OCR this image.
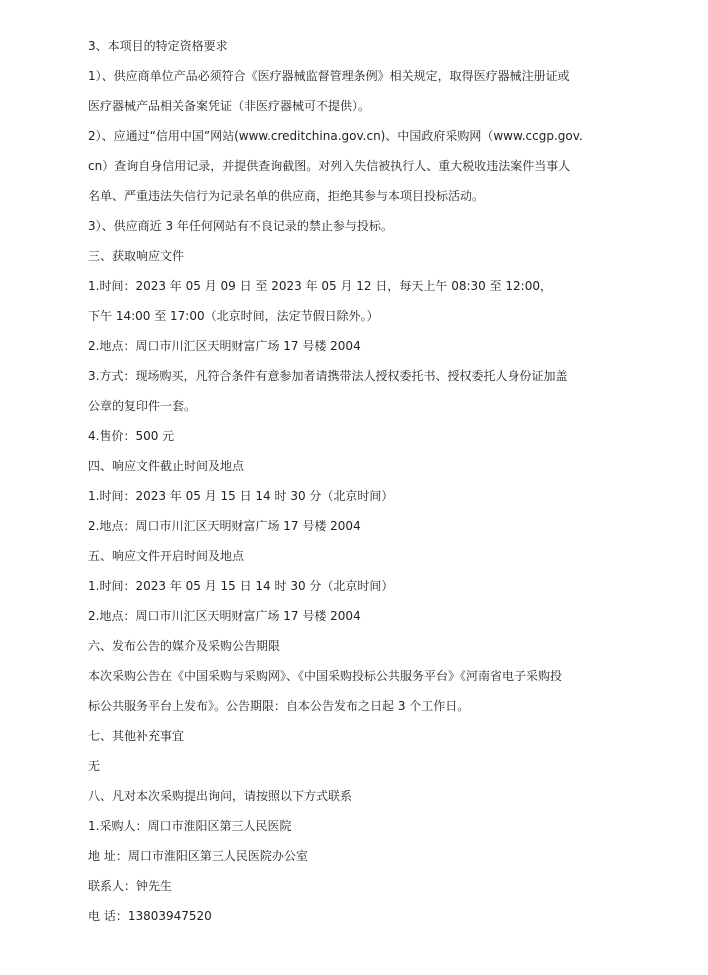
3、本项目的特定资格要求
1）、供应商单位产品必须符合《医疗器械监督管理条例》相关规定，取得医疗器械注册证或
医疗器械产品相关备案凭证（非医疗器械可不提供）。
2）、应通过“信用中国”网站(www.creditchina.gov.cn)、中国政府采购网（www.ccgp.gov.
cn）查询自身信用记录，并提供查询截图。对列入失信被执行人、重大税收违法案件当事人
名单、严重违法失信行为记录名单的供应商，拒绝其参与本项目投标活动。
3）、供应商近 3 年任何网站有不良记录的禁止参与投标。
三、获取响应文件
1.时间：2023 年 05 月 09 日 至 2023 年 05 月 12 日，每天上午 08:30 至 12:00，
下午 14:00 至 17:00（北京时间，法定节假日除外。）
2.地点：周口市川汇区天明财富广场 17 号楼 2004
3.方式：现场购买，凡符合条件有意参加者请携带法人授权委托书、授权委托人身份证加盖
公章的复印件一套。
4.售价：500 元
四、响应文件截止时间及地点
1.时间：2023 年 05 月 15 日 14 时 30 分（北京时间）
2.地点：周口市川汇区天明财富广场 17 号楼 2004
五、响应文件开启时间及地点
1.时间：2023 年 05 月 15 日 14 时 30 分（北京时间）
2.地点：周口市川汇区天明财富广场 17 号楼 2004
六、发布公告的媒介及采购公告期限
本次采购公告在《中国采购与采购网》、《中国采购投标公共服务平台》《河南省电子采购投
标公共服务平台上发布》。公告期限：自本公告发布之日起 3 个工作日。
七、其他补充事宜
无
八、凡对本次采购提出询问，请按照以下方式联系
1.采购人：周口市淮阳区第三人民医院
地 址：周口市淮阳区第三人民医院办公室
联系人：钟先生
电 话：13803947520
